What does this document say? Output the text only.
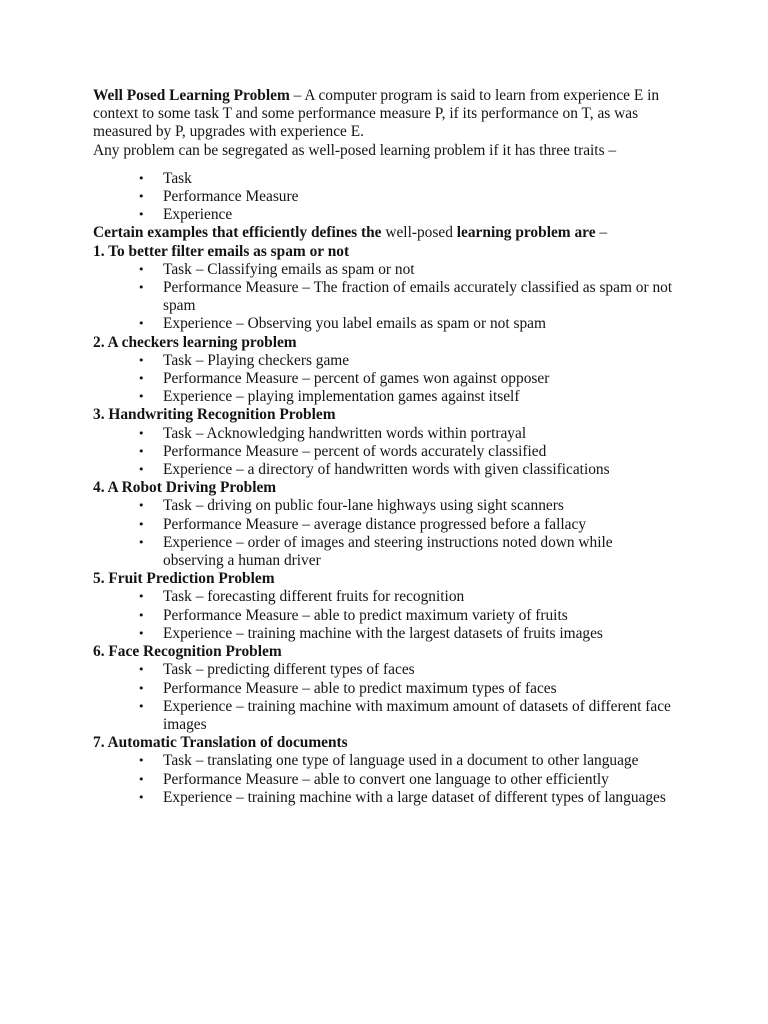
Well Posed Learning Problem – A computer program is said to learn from experience E in context to some task T and some performance measure P, if its performance on T, as was measured by P, upgrades with experience E.

Any problem can be segregated as well-posed learning problem if it has three traits –

• Task
• Performance Measure
• Experience

Certain examples that efficiently defines the well-posed learning problem are –

1. To better filter emails as spam or not

• Task – Classifying emails as spam or not
• Performance Measure – The fraction of emails accurately classified as spam or not spam
• Experience – Observing you label emails as spam or not spam

2. A checkers learning problem

• Task – Playing checkers game
• Performance Measure – percent of games won against opposer
• Experience – playing implementation games against itself

3. Handwriting Recognition Problem

• Task – Acknowledging handwritten words within portrayal
• Performance Measure – percent of words accurately classified
• Experience – a directory of handwritten words with given classifications

4. A Robot Driving Problem

• Task – driving on public four-lane highways using sight scanners
• Performance Measure – average distance progressed before a fallacy
• Experience – order of images and steering instructions noted down while observing a human driver

5. Fruit Prediction Problem

• Task – forecasting different fruits for recognition
• Performance Measure – able to predict maximum variety of fruits
• Experience – training machine with the largest datasets of fruits images

6. Face Recognition Problem

• Task – predicting different types of faces
• Performance Measure – able to predict maximum types of faces
• Experience – training machine with maximum amount of datasets of different face images

7. Automatic Translation of documents

• Task – translating one type of language used in a document to other language
• Performance Measure – able to convert one language to other efficiently
• Experience – training machine with a large dataset of different types of languages
